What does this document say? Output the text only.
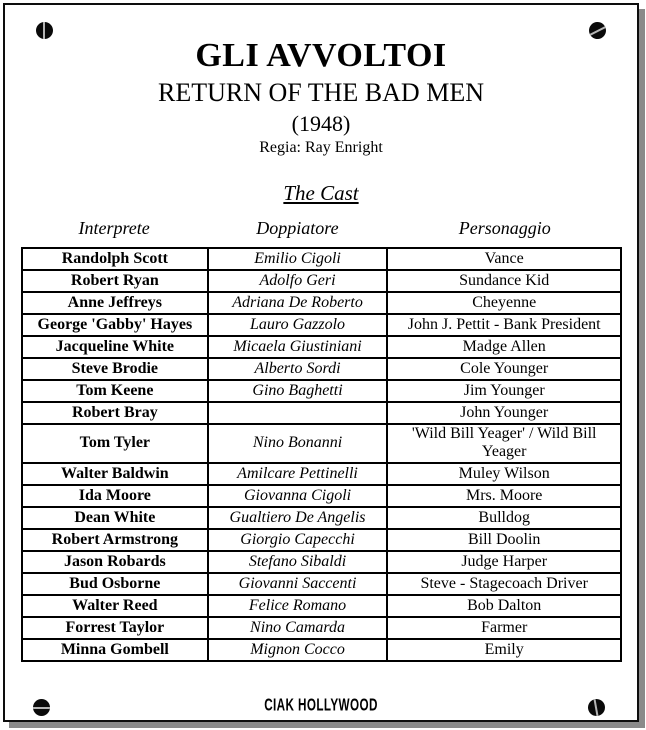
GLI AVVOLTOI
RETURN OF THE BAD MEN
(1948)
Regia: Ray Enright
The Cast
Interprete	Doppiatore	Personaggio
Randolph Scott	Emilio Cigoli	Vance
Robert Ryan	Adolfo Geri	Sundance Kid
Anne Jeffreys	Adriana De Roberto	Cheyenne
George 'Gabby' Hayes	Lauro Gazzolo	John J. Pettit - Bank President
Jacqueline White	Micaela Giustiniani	Madge Allen
Steve Brodie	Alberto Sordi	Cole Younger
Tom Keene	Gino Baghetti	Jim Younger
Robert Bray		John Younger
Tom Tyler	Nino Bonanni	'Wild Bill Yeager' / Wild Bill Yeager
Walter Baldwin	Amilcare Pettinelli	Muley Wilson
Ida Moore	Giovanna Cigoli	Mrs. Moore
Dean White	Gualtiero De Angelis	Bulldog
Robert Armstrong	Giorgio Capecchi	Bill Doolin
Jason Robards	Stefano Sibaldi	Judge Harper
Bud Osborne	Giovanni Saccenti	Steve - Stagecoach Driver
Walter Reed	Felice Romano	Bob Dalton
Forrest Taylor	Nino Camarda	Farmer
Minna Gombell	Mignon Cocco	Emily
CIAK HOLLYWOOD
